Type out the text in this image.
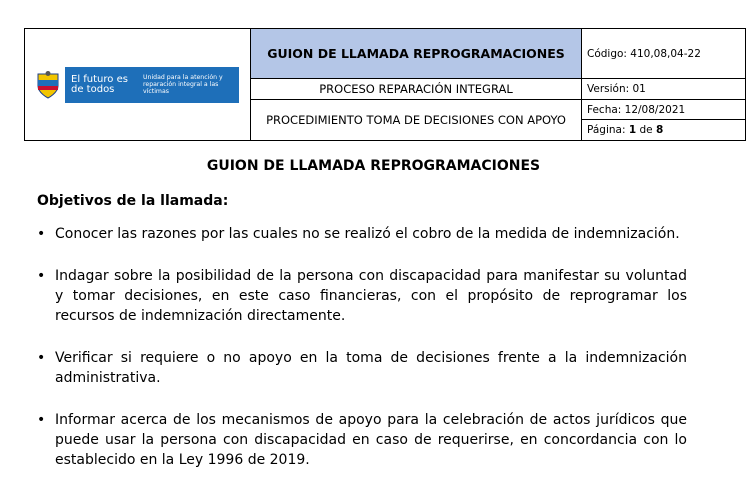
El futuro es de todos
Unidad para la atención y reparación integral a las víctimas	GUION DE LLAMADA REPROGRAMACIONES	Código: 410,08,04-22
	PROCESO REPARACIÓN INTEGRAL	Versión: 01
	PROCEDIMIENTO TOMA DE DECISIONES CON APOYO	Fecha: 12/08/2021
		Página: 1 de 8
GUION DE LLAMADA REPROGRAMACIONES
Objetivos de la llamada:
• Conocer las razones por las cuales no se realizó el cobro de la medida de indemnización.
• Indagar sobre la posibilidad de la persona con discapacidad para manifestar su voluntad y tomar decisiones, en este caso financieras, con el propósito de reprogramar los recursos de indemnización directamente.
• Verificar si requiere o no apoyo en la toma de decisiones frente a la indemnización administrativa.
• Informar acerca de los mecanismos de apoyo para la celebración de actos jurídicos que puede usar la persona con discapacidad en caso de requerirse, en concordancia con lo establecido en la Ley 1996 de 2019.
